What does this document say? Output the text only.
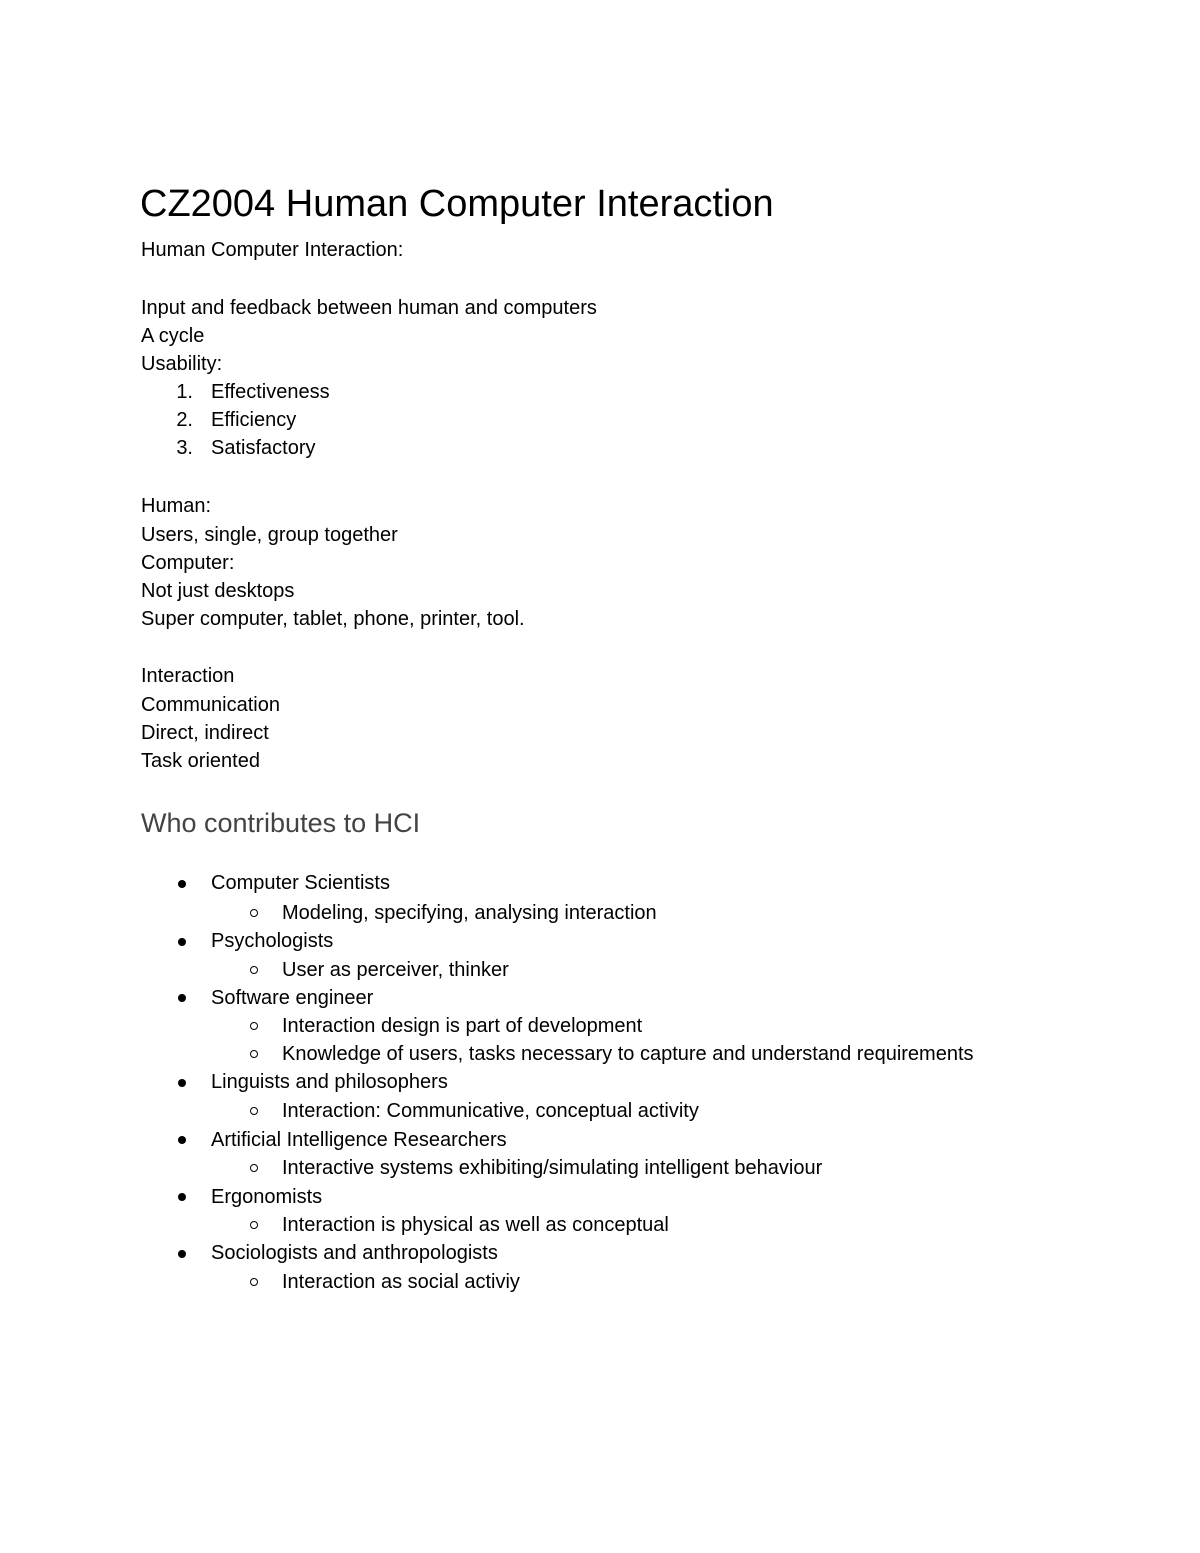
CZ2004 Human Computer Interaction
Human Computer Interaction:
Input and feedback between human and computers
A cycle
Usability:
1. Effectiveness
2. Efficiency
3. Satisfactory
Human:
Users, single, group together
Computer:
Not just desktops
Super computer, tablet, phone, printer, tool.
Interaction
Communication
Direct, indirect
Task oriented
Who contributes to HCI
Computer Scientists
Modeling, specifying, analysing interaction
Psychologists
User as perceiver, thinker
Software engineer
Interaction design is part of development
Knowledge of users, tasks necessary to capture and understand requirements
Linguists and philosophers
Interaction: Communicative, conceptual activity
Artificial Intelligence Researchers
Interactive systems exhibiting/simulating intelligent behaviour
Ergonomists
Interaction is physical as well as conceptual
Sociologists and anthropologists
Interaction as social activiy
